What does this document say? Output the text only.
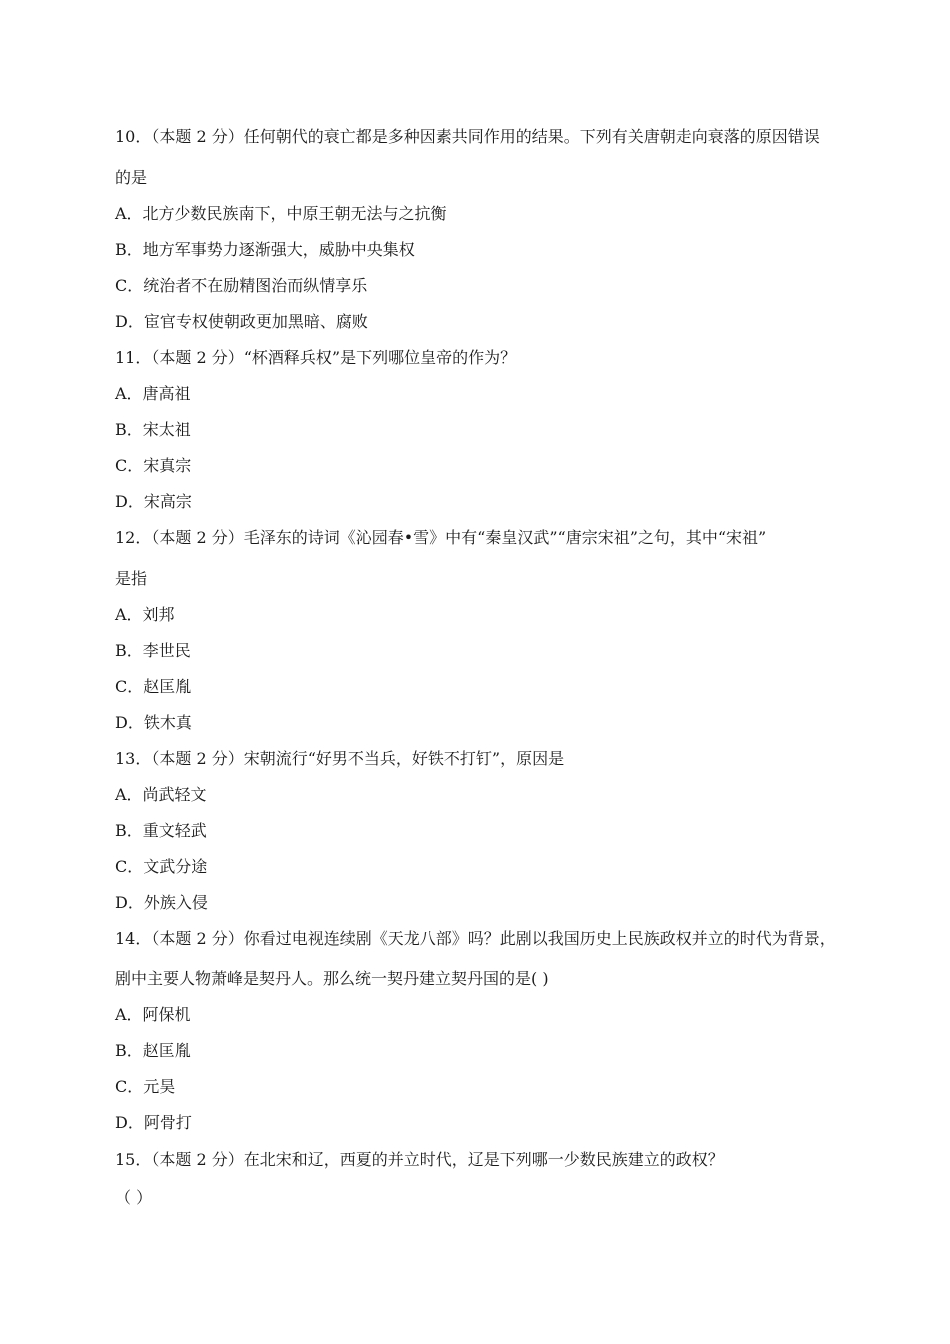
10．（本题 2 分）任何朝代的衰亡都是多种因素共同作用的结果。下列有关唐朝走向衰落的原因错误
的是
A．北方少数民族南下，中原王朝无法与之抗衡
B．地方军事势力逐渐强大，威胁中央集权
C．统治者不在励精图治而纵情享乐
D．宦官专权使朝政更加黑暗、腐败
11．（本题 2 分）“杯酒释兵权”是下列哪位皇帝的作为？
A．唐高祖
B．宋太祖
C．宋真宗
D．宋高宗
12．（本题 2 分）毛泽东的诗词《沁园春•雪》中有“秦皇汉武”“唐宗宋祖”之句，其中“宋祖”
是指
A．刘邦
B．李世民
C．赵匡胤
D．铁木真
13．（本题 2 分）宋朝流行“好男不当兵，好铁不打钉”，原因是
A．尚武轻文
B．重文轻武
C．文武分途
D．外族入侵
14．（本题 2 分）你看过电视连续剧《天龙八部》吗？此剧以我国历史上民族政权并立的时代为背景，
剧中主要人物萧峰是契丹人。那么统一契丹建立契丹国的是( )
A．阿保机
B．赵匡胤
C．元昊
D．阿骨打
15．（本题 2 分）在北宋和辽，西夏的并立时代，辽是下列哪一少数民族建立的政权？
（ ）
